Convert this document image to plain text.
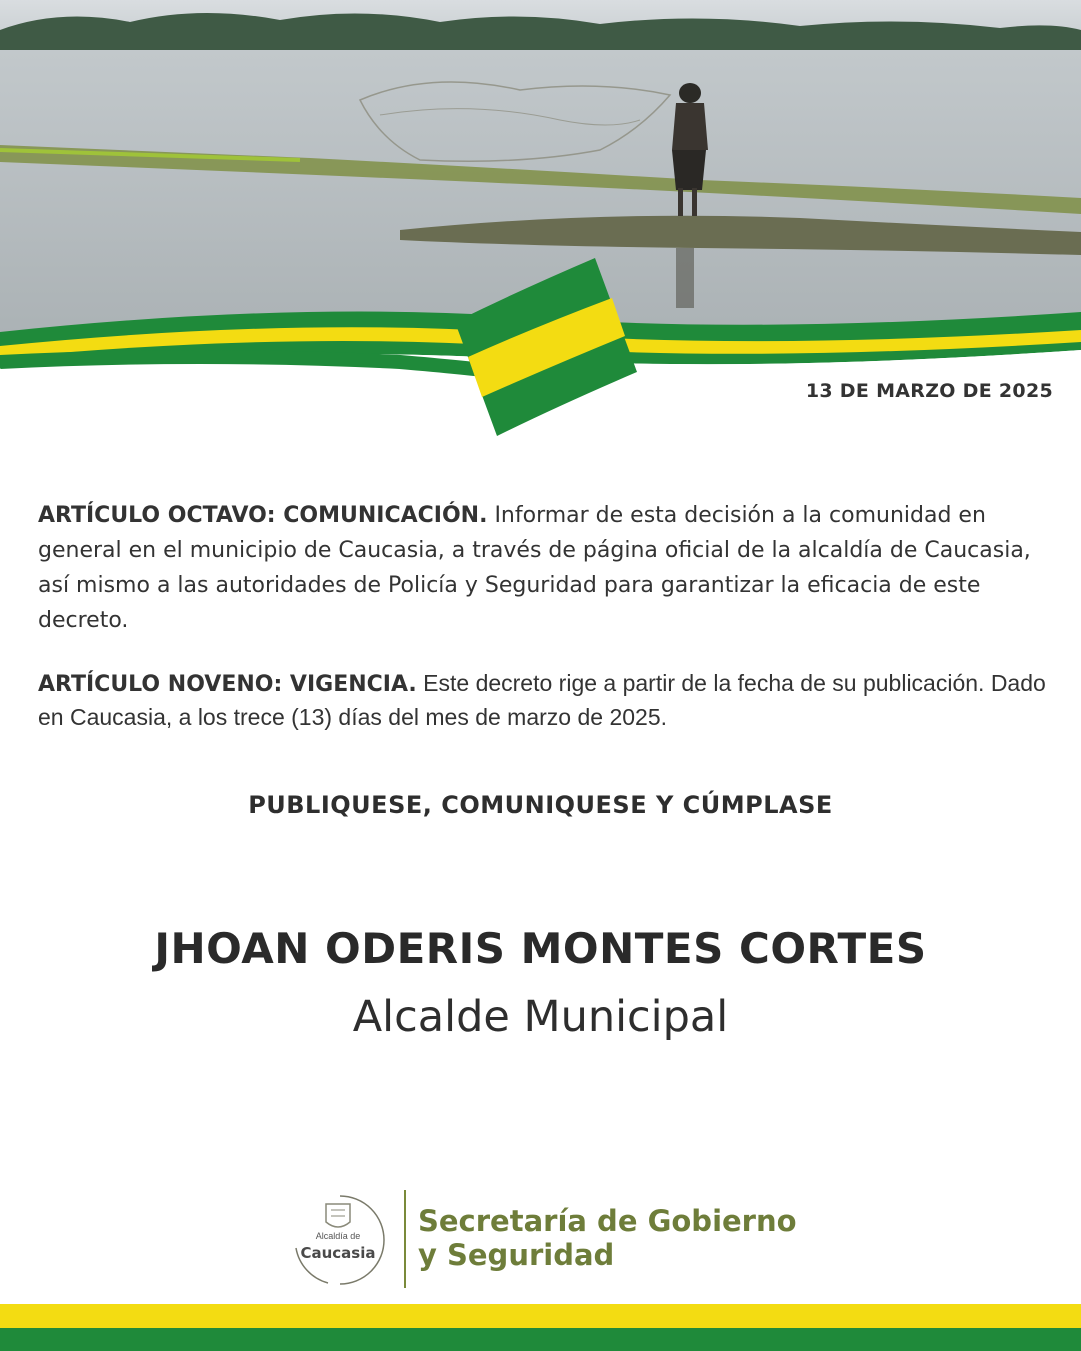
13 DE MARZO DE 2025
ARTÍCULO OCTAVO: COMUNICACIÓN. Informar de esta decisión a la comunidad en general en el municipio de Caucasia, a través de página oficial de la alcaldía de Caucasia, así mismo a las autoridades de Policía y Seguridad para garantizar la eficacia de este decreto.
ARTÍCULO NOVENO: VIGENCIA. Este decreto rige a partir de la fecha de su publicación. Dado en Caucasia, a los trece (13) días del mes de marzo de 2025.
PUBLIQUESE, COMUNIQUESE Y CÚMPLASE
JHOAN ODERIS MONTES CORTES
Alcalde Municipal
Alcaldía de
Caucasia
Secretaría de Gobierno
y Seguridad
